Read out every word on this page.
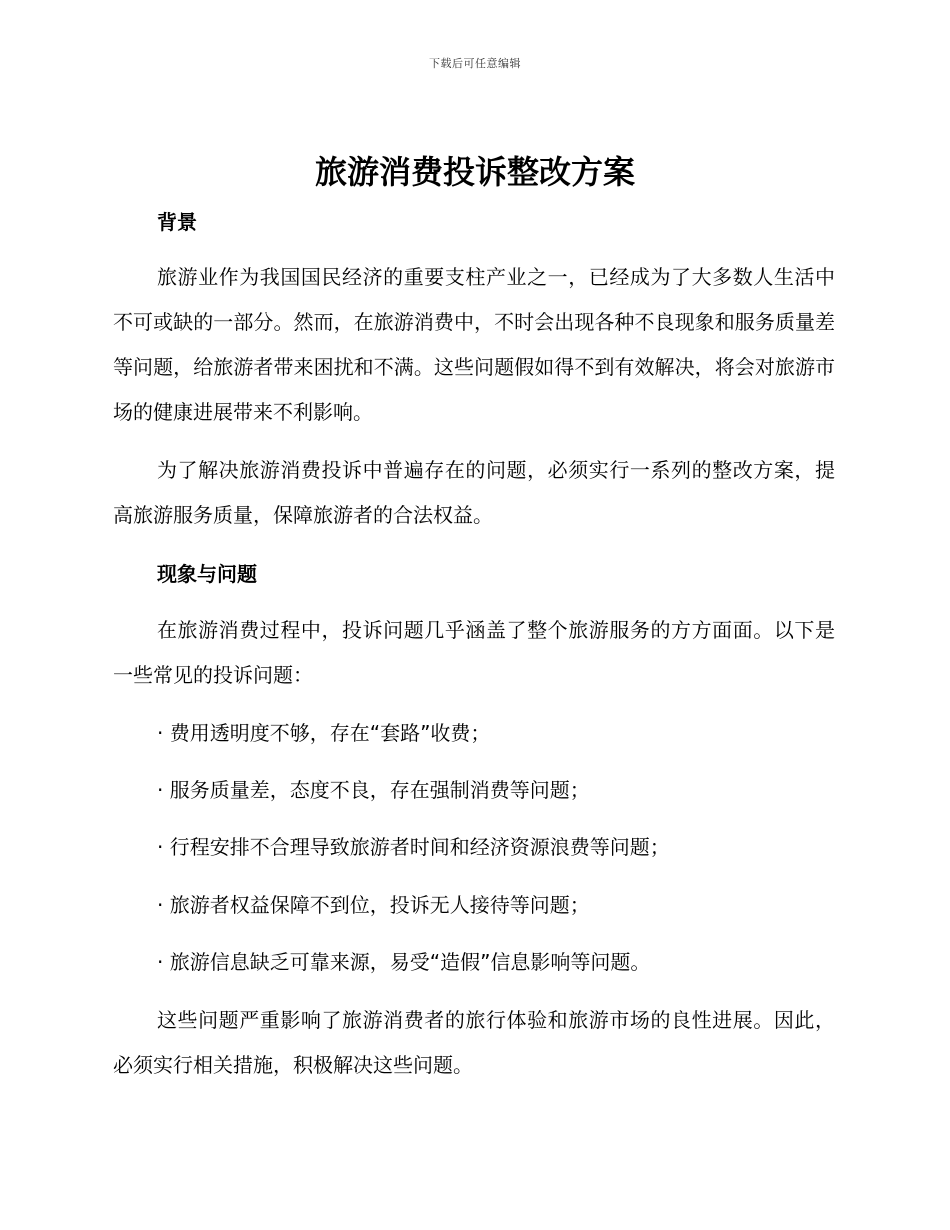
下载后可任意编辑
旅游消费投诉整改方案
背景

旅游业作为我国国民经济的重要支柱产业之一，已经成为了大多数人生活中不可或缺的一部分。然而，在旅游消费中，不时会出现各种不良现象和服务质量差等问题，给旅游者带来困扰和不满。这些问题假如得不到有效解决，将会对旅游市场的健康进展带来不利影响。

为了解决旅游消费投诉中普遍存在的问题，必须实行一系列的整改方案，提高旅游服务质量，保障旅游者的合法权益。

现象与问题

在旅游消费过程中，投诉问题几乎涵盖了整个旅游服务的方方面面。以下是一些常见的投诉问题：

· 费用透明度不够，存在“套路”收费；

· 服务质量差，态度不良，存在强制消费等问题；

· 行程安排不合理导致旅游者时间和经济资源浪费等问题；

· 旅游者权益保障不到位，投诉无人接待等问题；

· 旅游信息缺乏可靠来源，易受“造假”信息影响等问题。

这些问题严重影响了旅游消费者的旅行体验和旅游市场的良性进展。因此，必须实行相关措施，积极解决这些问题。
